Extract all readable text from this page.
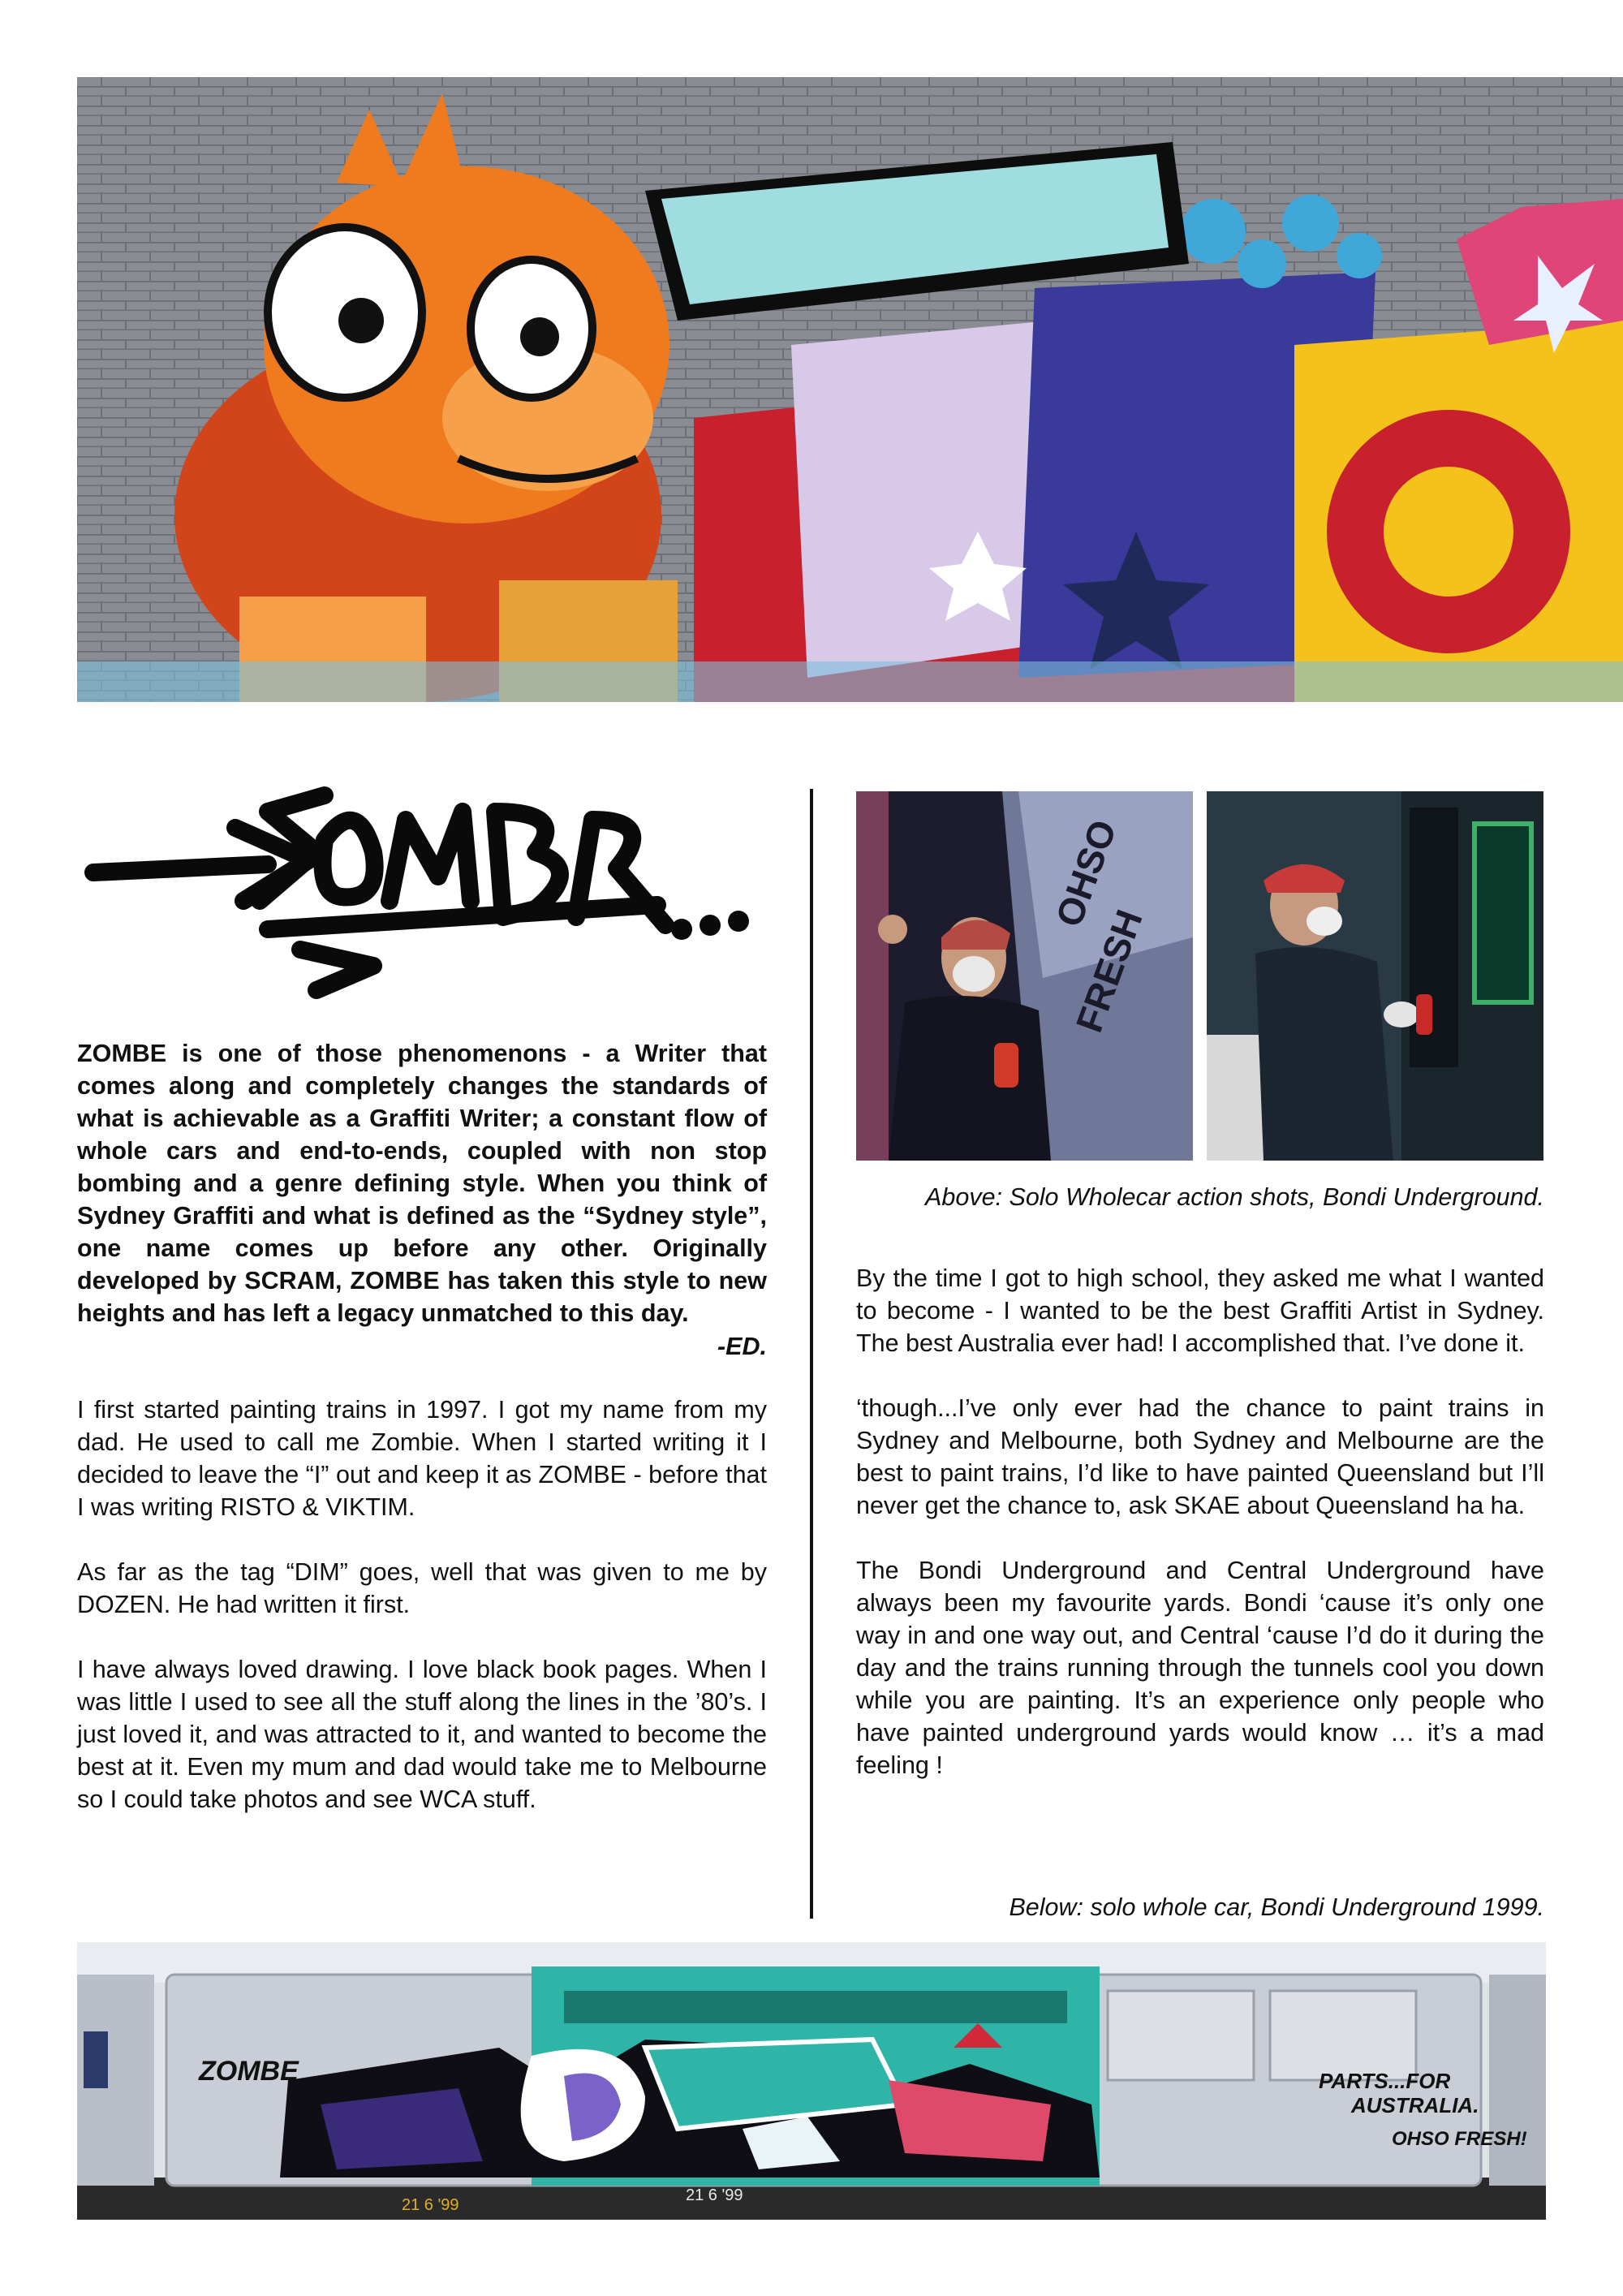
ZOMBE is one of those phenomenons - a Writer that comes along and completely changes the standards of what is achievable as a Graffiti Writer; a constant flow of whole cars and end-to-ends, coupled with non stop bombing and a genre defining style. When you think of Sydney Graffiti and what is defined as the “Sydney style”, one name comes up before any other. Originally developed by SCRAM, ZOMBE has taken this style to new heights and has left a legacy unmatched to this day.

-ED.

I first started painting trains in 1997. I got my name from my dad. He used to call me Zombie. When I started writing it I decided to leave the “I” out and keep it as ZOMBE - before that I was writing RISTO & VIKTIM.

As far as the tag “DIM” goes, well that was given to me by DOZEN. He had written it first.

I have always loved drawing. I love black book pages. When I was little I used to see all the stuff along the lines in the ’80’s. I just loved it, and was attracted to it, and wanted to become the best at it. Even my mum and dad would take me to Melbourne so I could take photos and see WCA stuff.

OHSO
FRESH

Above: Solo Wholecar action shots, Bondi Underground.

By the time I got to high school, they asked me what I wanted to become - I wanted to be the best Graffiti Artist in Sydney. The best Australia ever had! I accomplished that. I’ve done it.

‘though...I’ve only ever had the chance to paint trains in Sydney and Melbourne, both Sydney and Melbourne are the best to paint trains, I’d like to have painted Queensland but I’ll never get the chance to, ask SKAE about Queensland ha ha.

The Bondi Underground and Central Underground have always been my favourite yards. Bondi ‘cause it’s only one way in and one way out, and Central ‘cause I’d do it during the day and the trains running through the tunnels cool you down while you are painting. It’s an experience only people who have painted underground yards would know … it’s a mad feeling !

Below: solo whole car, Bondi Underground 1999.

ZOMBE	PARTS...FOR
AUSTRALIA.
OHSO FRESH!
21 6 '99
21 6 '99
